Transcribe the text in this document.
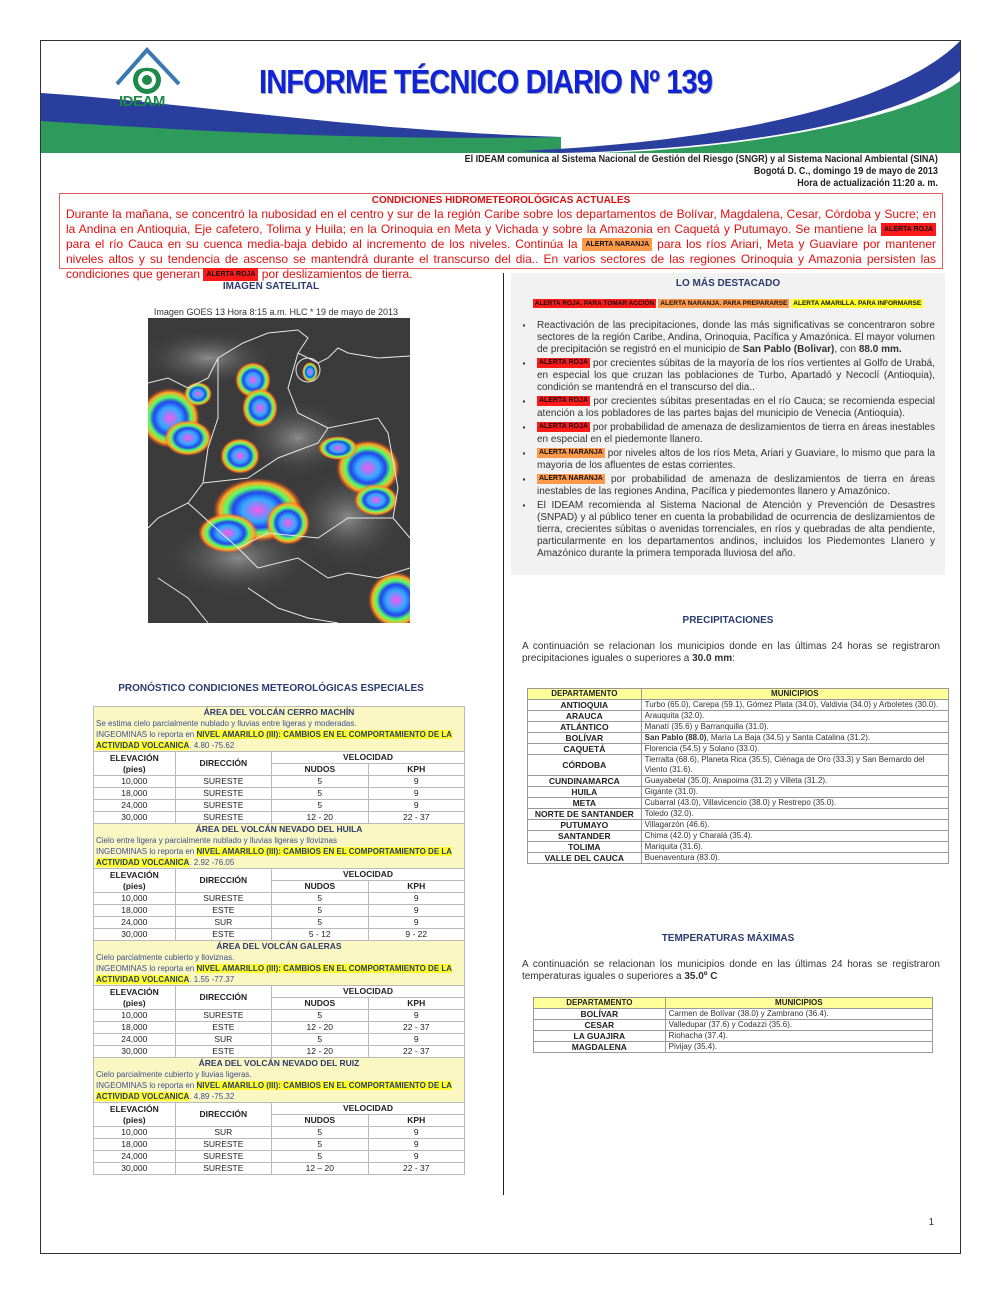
IDEAM
INFORME TÉCNICO DIARIO Nº 139
El IDEAM comunica al Sistema Nacional de Gestión del Riesgo (SNGR) y al Sistema Nacional Ambiental (SINA)
Bogotá D. C., domingo 19 de mayo de 2013
Hora de actualización 11:20 a. m.
CONDICIONES HIDROMETEOROLÓGICAS ACTUALES
Durante la mañana, se concentró la nubosidad en el centro y sur de la región Caribe sobre los departamentos de Bolívar, Magdalena, Cesar, Córdoba y Sucre; en la Andina en Antioquia, Eje cafetero, Tolima y Huila; en la Orinoquia en Meta y Vichada y sobre la Amazonia en Caquetá y Putumayo. Se mantiene la ALERTA ROJA para el río Cauca en su cuenca media-baja debido al incremento de los niveles. Continúa la ALERTA NARANJA para los ríos Ariari, Meta y Guaviare por mantener niveles altos y su tendencia de ascenso se mantendrá durante el transcurso del dia.. En varios sectores de las regiones Orinoquia y Amazonia persisten las condiciones que generan ALERTA ROJA por deslizamientos de tierra.
IMÁGEN SATELITAL
Imagen GOES 13 Hora 8:15 a.m. HLC * 19 de mayo de 2013
PRONÓSTICO CONDICIONES METEOROLÓGICAS ESPECIALES
ÁREA DEL VOLCÁN CERRO MACHÍN
Se estima cielo parcialmente nublado y lluvias entre ligeras y moderadas.
INGEOMINAS lo reporta en NIVEL AMARILLO (III): CAMBIOS EN EL COMPORTAMIENTO DE LA ACTIVIDAD VOLCANICA. 4.80 -75.62			

ELEVACIÓN
(pies)	DIRECCIÓN	VELOCIDAD	
		NUDOS	KPH
10,000	SURESTE	5	9
18,000	SURESTE	5	9
24,000	SURESTE	5	9
30,000	SURESTE	12 - 20	22 - 37

ÁREA DEL VOLCÁN NEVADO DEL HUILA
Cielo entre ligera y parcialmente nublado y lluvias ligeras y lloviznas
INGEOMINAS lo reporta en NIVEL AMARILLO (III): CAMBIOS EN EL COMPORTAMIENTO DE LA ACTIVIDAD VOLCANICA. 2.92 -76.05			

ELEVACIÓN
(pies)	DIRECCIÓN	VELOCIDAD	
		NUDOS	KPH
10,000	SURESTE	5	9
18,000	ESTE	5	9
24,000	SUR	5	9
30,000	ESTE	5 - 12	9 - 22

ÁREA DEL VOLCÁN GALERAS
Cielo parcialmente cubierto y lloviznas.
INGEOMINAS lo reporta en NIVEL AMARILLO (III): CAMBIOS EN EL COMPORTAMIENTO DE LA ACTIVIDAD VOLCANICA. 1.55 -77.37			

ELEVACIÓN
(pies)	DIRECCIÓN	VELOCIDAD	
		NUDOS	KPH
10,000	SURESTE	5	9
18,000	ESTE	12 - 20	22 - 37
24,000	SUR	5	9
30,000	ESTE	12 - 20	22 - 37

ÁREA DEL VOLCÁN NEVADO DEL RUIZ
Cielo parcialmente cubierto y lluvias ligeras.
INGEOMINAS lo reporta en NIVEL AMARILLO (III): CAMBIOS EN EL COMPORTAMIENTO DE LA ACTIVIDAD VOLCANICA. 4.89 -75.32			

ELEVACIÓN
(pies)	DIRECCIÓN	VELOCIDAD	
		NUDOS	KPH
10,000	SUR	5	9
18,000	SURESTE	5	9
24,000	SURESTE	5	9
30,000	SURESTE	12 – 20	22 - 37
LO MÁS DESTACADO
ALERTA ROJA. PARA TOMAR ACCIÓN ALERTA NARANJA. PARA PREPARARSE ALERTA AMARILLA. PARA INFORMARSE
· Reactivación de las precipitaciones, donde las más significativas se concentraron sobre sectores de la región Caribe, Andina, Orinoquia, Pacífica y Amazónica. El mayor volumen de precipitación se registró en el municipio de San Pablo (Bolivar), con 88.0 mm.
· ALERTA ROJA por crecientes súbitas de la mayoría de los ríos vertientes al Golfo de Urabá, en especial los que cruzan las poblaciones de Turbo, Apartadó y Necoclí (Antioquia), condición se mantendrá en el transcurso del dia..
· ALERTA ROJA por crecientes súbitas presentadas en el río Cauca; se recomienda especial atención a los pobladores de las partes bajas del municipio de Venecia (Antioquia).
· ALERTA ROJA por probabilidad de amenaza de deslizamientos de tierra en áreas inestables en especial en el piedemonte llanero.
· ALERTA NARANJA por niveles altos de los ríos Meta, Ariari y Guaviare, lo mismo que para la mayoria de los afluentes de estas corrientes.
· ALERTA NARANJA por probabilidad de amenaza de deslizamientos de tierra en áreas inestables de las regiones Andina, Pacífica y piedemontes llanero y Amazónico.
· El IDEAM recomienda al Sistema Nacional de Atención y Prevención de Desastres (SNPAD) y al público tener en cuenta la probabilidad de ocurrencia de deslizamientos de tierra, crecientes súbitas o avenidas torrenciales, en ríos y quebradas de alta pendiente, particularmente en los departamentos andinos, incluidos los Piedemontes Llanero y Amazónico durante la primera temporada lluviosa del año.
PRECIPITACIONES
A continuación se relacionan los municipios donde en las últimas 24 horas se registraron precipitaciones iguales o superiores a 30.0 mm:
DEPARTAMENTO	MUNICIPIOS
ANTIOQUIA	Turbo (65.0), Carepa (59.1), Gómez Plata (34.0), Valdivia (34.0) y Arboletes (30.0).
ARAUCA	Arauquita (32.0).
ATLÁNTICO	Manatí (35.6) y Barranquilla (31.0).
BOLÍVAR	San Pablo (88.0), María La Baja (34.5) y Santa Catalina (31.2).
CAQUETÁ	Florencia (54.5) y Solano (33.0).
CÓRDOBA	Tierralta (68.6), Planeta Rica (35.5), Ciénaga de Oro (33.3) y San Bernardo del Viento (31.6).
CUNDINAMARCA	Guayabetal (35.0), Anapoima (31.2) y Villeta (31.2).
HUILA	Gigante (31.0).
META	Cubarral (43.0), Villavicencio (38.0) y Restrepo (35.0).
NORTE DE SANTANDER	Toledo (32.0).
PUTUMAYO	Villagarzón (46.6).
SANTANDER	Chima (42.0) y Charalá (35.4).
TOLIMA	Mariquita (31.6).
VALLE DEL CAUCA	Buenaventura (83.0).
TEMPERATURAS MÁXIMAS
A continuación se relacionan los municipios donde en las últimas 24 horas se registraron temperaturas iguales o superiores a 35.0º C
DEPARTAMENTO	MUNICIPIOS
BOLÍVAR	Carmen de Bolívar (38.0) y Zambrano (36.4).
CESAR	Valledupar (37.6) y Codazzi (35.6).
LA GUAJIRA	Riohacha (37.4).
MAGDALENA	Pivijay (35.4).
1
